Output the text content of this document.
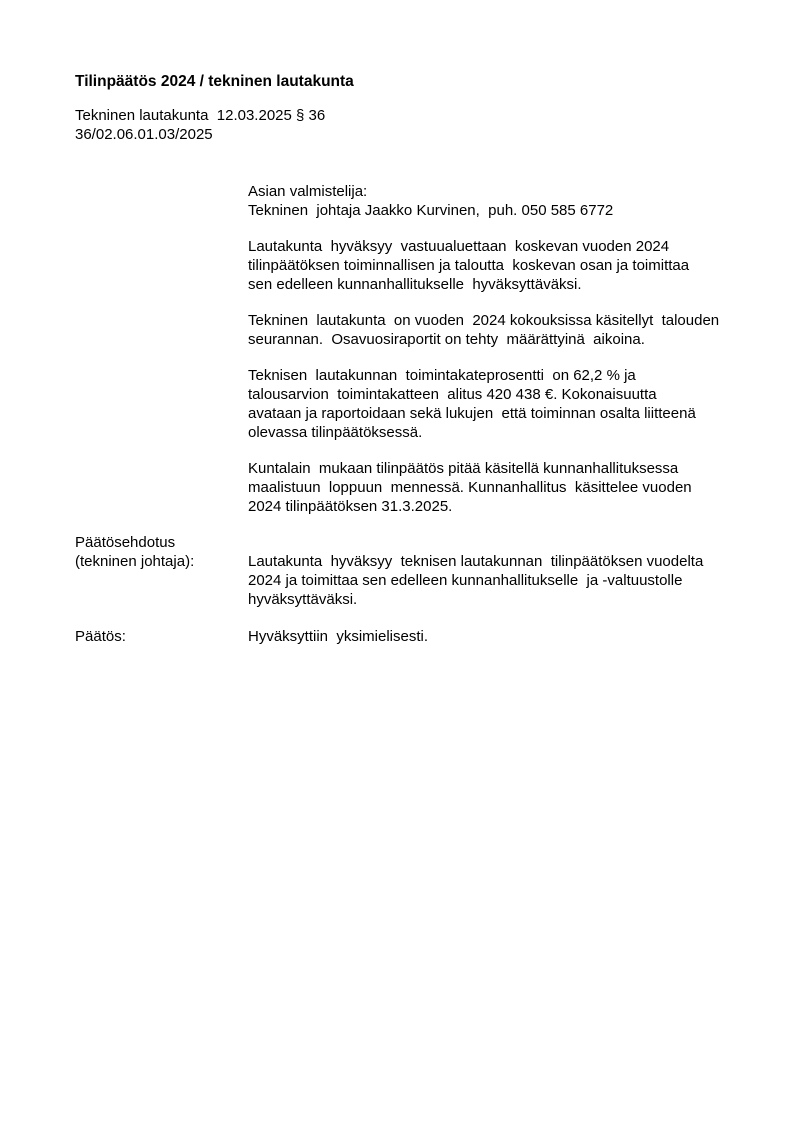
Tilinpäätös 2024 / tekninen lautakunta
Tekninen lautakunta  12.03.2025 § 36
36/02.06.01.03/2025
Asian valmistelija:
Tekninen  johtaja Jaakko Kurvinen,  puh. 050 585 6772
Lautakunta  hyväksyy  vastuualuettaan  koskevan vuoden 2024
tilinpäätöksen toiminnallisen ja taloutta  koskevan osan ja toimittaa
sen edelleen kunnanhallitukselle  hyväksyttäväksi.
Tekninen  lautakunta  on vuoden  2024 kokouksissa käsitellyt  talouden
seurannan.  Osavuosiraportit on tehty  määrättyinä  aikoina.
Teknisen  lautakunnan  toimintakateprosentti  on 62,2 % ja
talousarvion  toimintakatteen  alitus 420 438 €. Kokonaisuutta
avataan ja raportoidaan sekä lukujen  että toiminnan osalta liitteenä
olevassa tilinpäätöksessä.
Kuntalain  mukaan tilinpäätös pitää käsitellä kunnanhallituksessa
maalistuun  loppuun  mennessä. Kunnanhallitus  käsittelee vuoden
2024 tilinpäätöksen 31.3.2025.
Päätösehdotus
(tekninen johtaja):	Lautakunta  hyväksyy  teknisen lautakunnan  tilinpäätöksen vuodelta
2024 ja toimittaa sen edelleen kunnanhallitukselle  ja -valtuustolle
hyväksyttäväksi.
Päätös:	Hyväksyttiin  yksimielisesti.
